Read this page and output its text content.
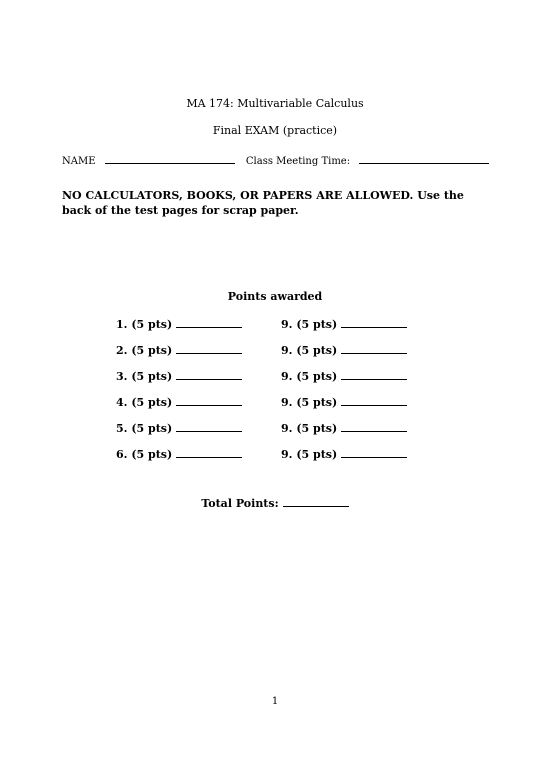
MA 174: Multivariable Calculus
Final EXAM (practice)
NAME	Class Meeting Time:
NO CALCULATORS, BOOKS, OR PAPERS ARE ALLOWED. Use the back of the test pages for scrap paper.
Points awarded
1. (5 pts)	9. (5 pts)
2. (5 pts)	9. (5 pts)
3. (5 pts)	9. (5 pts)
4. (5 pts)	9. (5 pts)
5. (5 pts)	9. (5 pts)
6. (5 pts)	9. (5 pts)
Total Points:
1
